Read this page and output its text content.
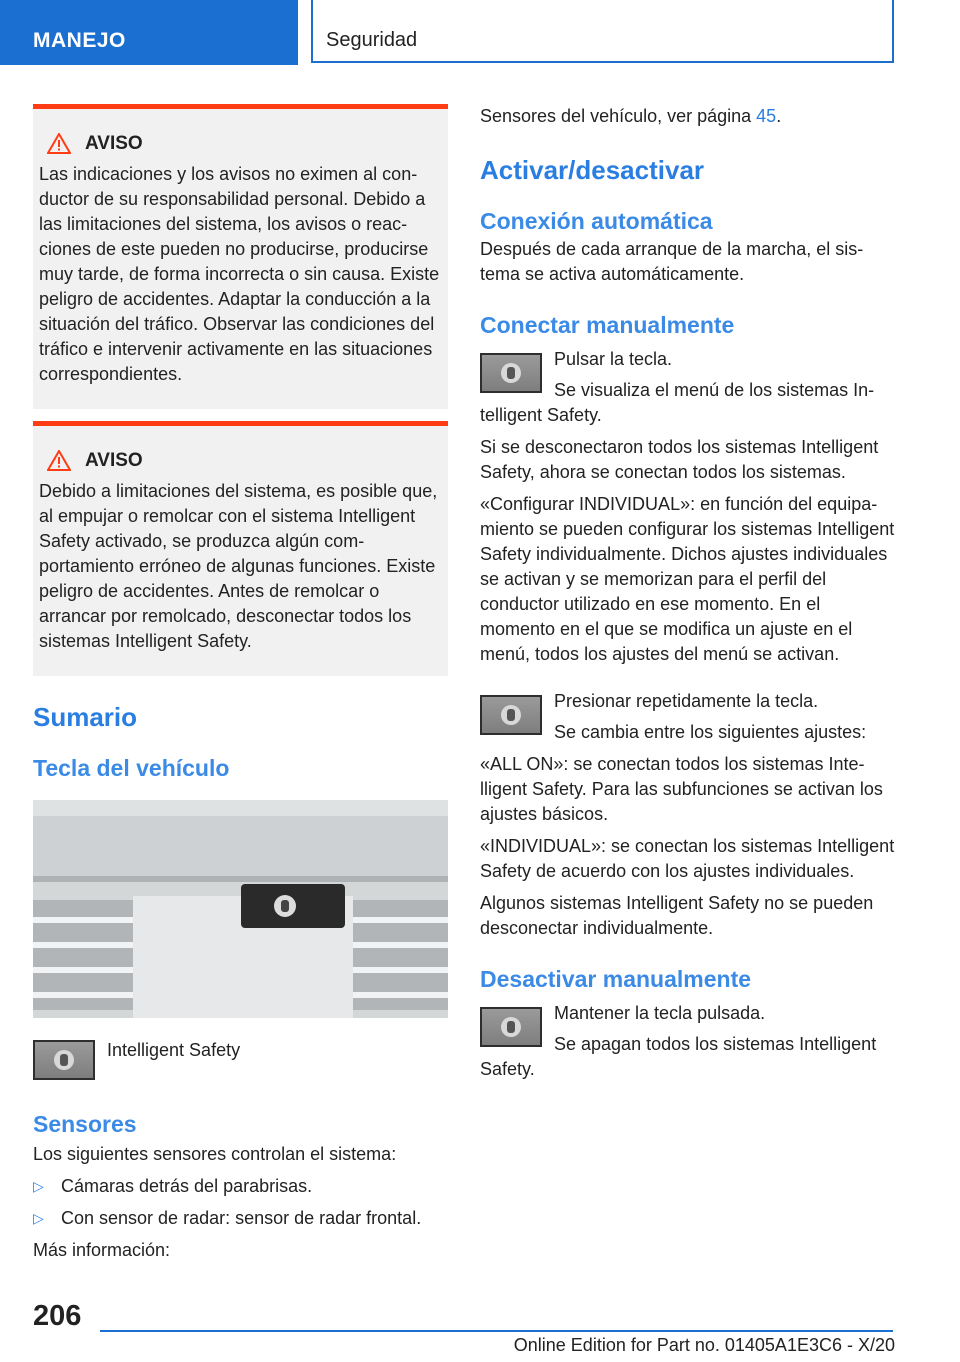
MANEJO	Seguridad
AVISO

Las indicaciones y los avisos no eximen al conductor de su responsabilidad personal. Debido a las limitaciones del sistema, los avisos o reacciones de este pueden no producirse, producirse muy tarde, de forma incorrecta o sin causa. Existe peligro de accidentes. Adaptar la conducción a la situación del tráfico. Observar las condiciones del tráfico e intervenir activamente en las situaciones correspondientes.

AVISO

Debido a limitaciones del sistema, es posible que, al empujar o remolcar con el sistema Intelligent Safety activado, se produzca algún comportamiento erróneo de algunas funciones. Existe peligro de accidentes. Antes de remolcar o arrancar por remolcado, desconectar todos los sistemas Intelligent Safety.

Sumario
Tecla del vehículo

Intelligent Safety

Sensores

Los siguientes sensores controlan el sistema:

▷ Cámaras detrás del parabrisas.
▷ Con sensor de radar: sensor de radar frontal.

Más información:

Sensores del vehículo, ver página 45.

Activar/desactivar
Conexión automática

Después de cada arranque de la marcha, el sistema se activa automáticamente.

Conectar manualmente

Pulsar la tecla.

Se visualiza el menú de los sistemas Intelligent Safety.

Si se desconectaron todos los sistemas Intelligent Safety, ahora se conectan todos los sistemas.

«Configurar INDIVIDUAL»: en función del equipamiento se pueden configurar los sistemas Intelligent Safety individualmente. Dichos ajustes individuales se activan y se memorizan para el perfil del conductor utilizado en ese momento. En el momento en el que se modifica un ajuste en el menú, todos los ajustes del menú se activan.

Presionar repetidamente la tecla.

Se cambia entre los siguientes ajustes:

«ALL ON»: se conectan todos los sistemas Intelligent Safety. Para las subfunciones se activan los ajustes básicos.

«INDIVIDUAL»: se conectan los sistemas Intelligent Safety de acuerdo con los ajustes individuales.

Algunos sistemas Intelligent Safety no se pueden desconectar individualmente.

Desactivar manualmente

Mantener la tecla pulsada.

Se apagan todos los sistemas Intelligent Safety.

206
Online Edition for Part no. 01405A1E3C6 - X/20
